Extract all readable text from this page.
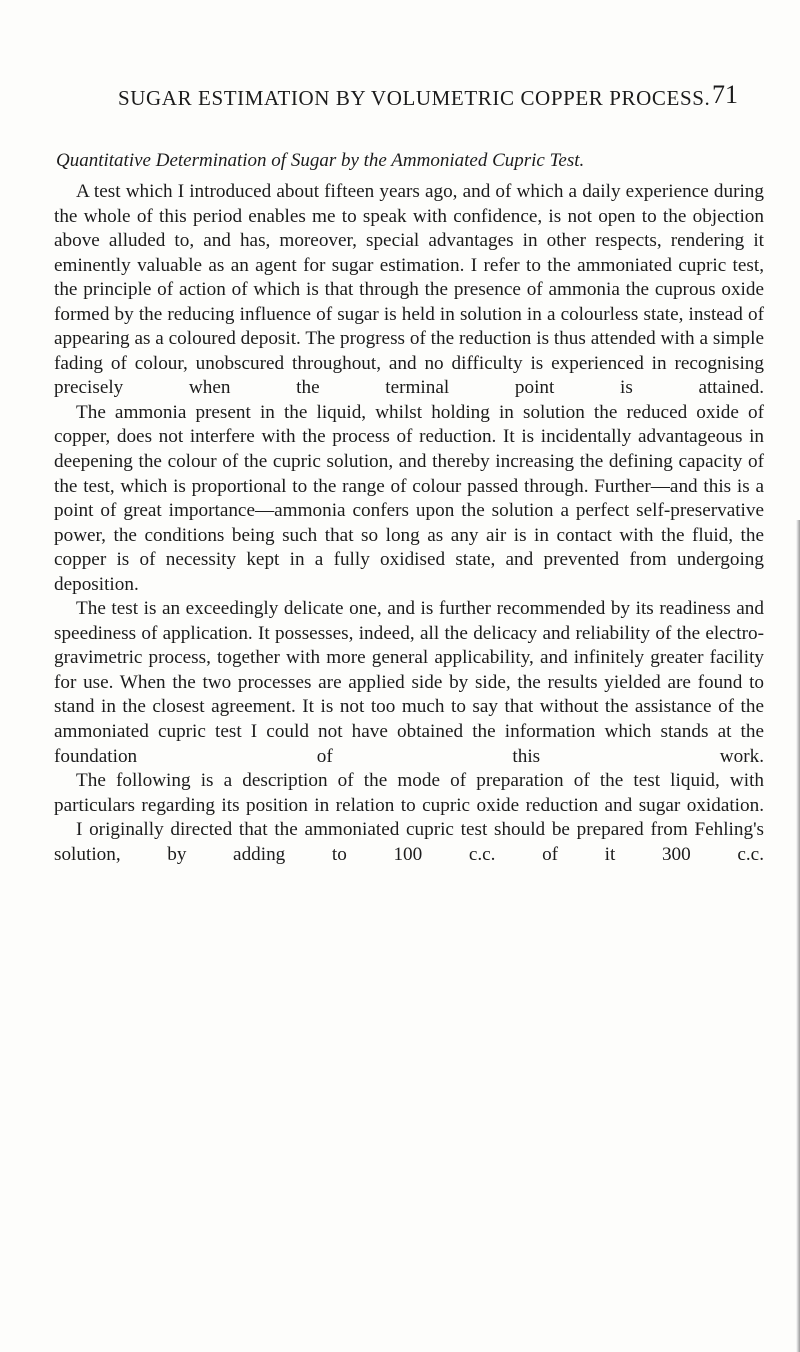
SUGAR ESTIMATION BY VOLUMETRIC COPPER PROCESS. 71
Quantitative Determination of Sugar by the Ammoniated Cupric Test.

A test which I introduced about fifteen years ago, and of which a daily experience during the whole of this period enables me to speak with confidence, is not open to the objection above alluded to, and has, moreover, special advantages in other respects, rendering it eminently valuable as an agent for sugar estimation. I refer to the ammoniated cupric test, the principle of action of which is that through the presence of ammonia the cuprous oxide formed by the reducing influence of sugar is held in solution in a colourless state, instead of appearing as a coloured deposit. The progress of the reduction is thus attended with a simple fading of colour, unobscured throughout, and no difficulty is experienced in recognising precisely when the terminal point is attained.

The ammonia present in the liquid, whilst holding in solution the reduced oxide of copper, does not interfere with the process of reduction. It is incidentally advantageous in deepening the colour of the cupric solution, and thereby increasing the defining capacity of the test, which is proportional to the range of colour passed through. Further—and this is a point of great importance—ammonia confers upon the solution a perfect self-preservative power, the conditions being such that so long as any air is in contact with the fluid, the copper is of necessity kept in a fully oxidised state, and prevented from undergoing deposition.

The test is an exceedingly delicate one, and is further recommended by its readiness and speediness of application. It possesses, indeed, all the delicacy and reliability of the electro-gravimetric process, together with more general applicability, and infinitely greater facility for use. When the two processes are applied side by side, the results yielded are found to stand in the closest agreement. It is not too much to say that without the assistance of the ammoniated cupric test I could not have obtained the information which stands at the foundation of this work.

The following is a description of the mode of preparation of the test liquid, with particulars regarding its position in relation to cupric oxide reduction and sugar oxidation.

I originally directed that the ammoniated cupric test should be prepared from Fehling's solution, by adding to 100 c.c. of it 300 c.c.
